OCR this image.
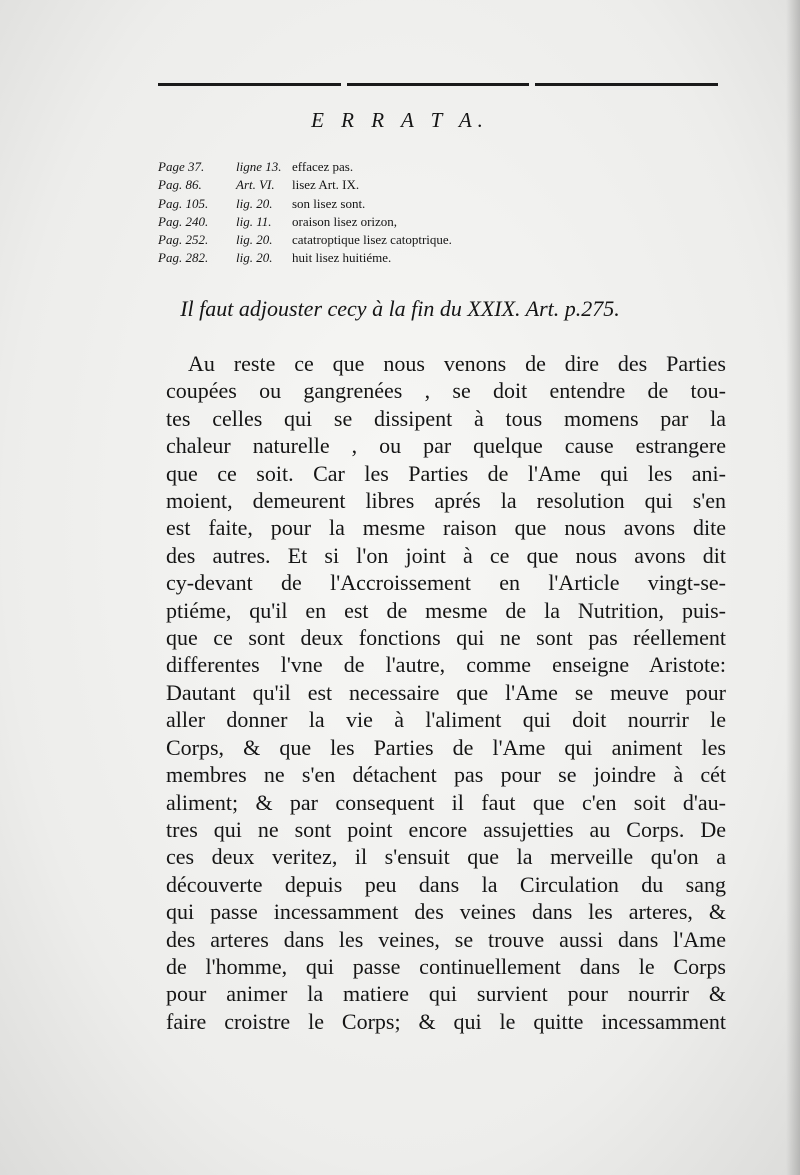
E R R A T A.
Page 37. ligne 13. effacez pas.
Pag. 86.	Art. VI. lisez Art. IX.
Pag. 105. lig. 20. son lisez sont.
Pag. 240. lig. 11. oraison lisez orizon,
Pag. 252. lig. 20. catatroptique lisez catoptrique.
Pag. 282. lig. 20. huit lisez huitiéme.
Il faut adjouster cecy à la fin du XXIX. Art. p.275.
Au reste ce que nous venons de dire des Parties
coupées ou gangrenées , se doit entendre de tou-
tes celles qui se dissipent à tous momens par la
chaleur naturelle , ou par quelque cause estrangere
que ce soit. Car les Parties de l'Ame qui les ani-
moient, demeurent libres aprés la resolution qui s'en
est faite, pour la mesme raison que nous avons dite
des autres. Et si l'on joint à ce que nous avons dit
cy-devant de l'Accroissement en l'Article vingt-se-
ptiéme, qu'il en est de mesme de la Nutrition, puis-
que ce sont deux fonctions qui ne sont pas réellement
differentes l'vne de l'autre, comme enseigne Aristote:
Dautant qu'il est necessaire que l'Ame se meuve pour
aller donner la vie à l'aliment qui doit nourrir le
Corps, & que les Parties de l'Ame qui animent les
membres ne s'en détachent pas pour se joindre à cét
aliment; & par consequent il faut que c'en soit d'au-
tres qui ne sont point encore assujetties au Corps. De
ces deux veritez, il s'ensuit que la merveille qu'on a
découverte depuis peu dans la Circulation du sang
qui passe incessamment des veines dans les arteres, &
des arteres dans les veines, se trouve aussi dans l'Ame
de l'homme, qui passe continuellement dans le Corps
pour animer la matiere qui survient pour nourrir &
faire croistre le Corps; & qui le quitte incessamment
